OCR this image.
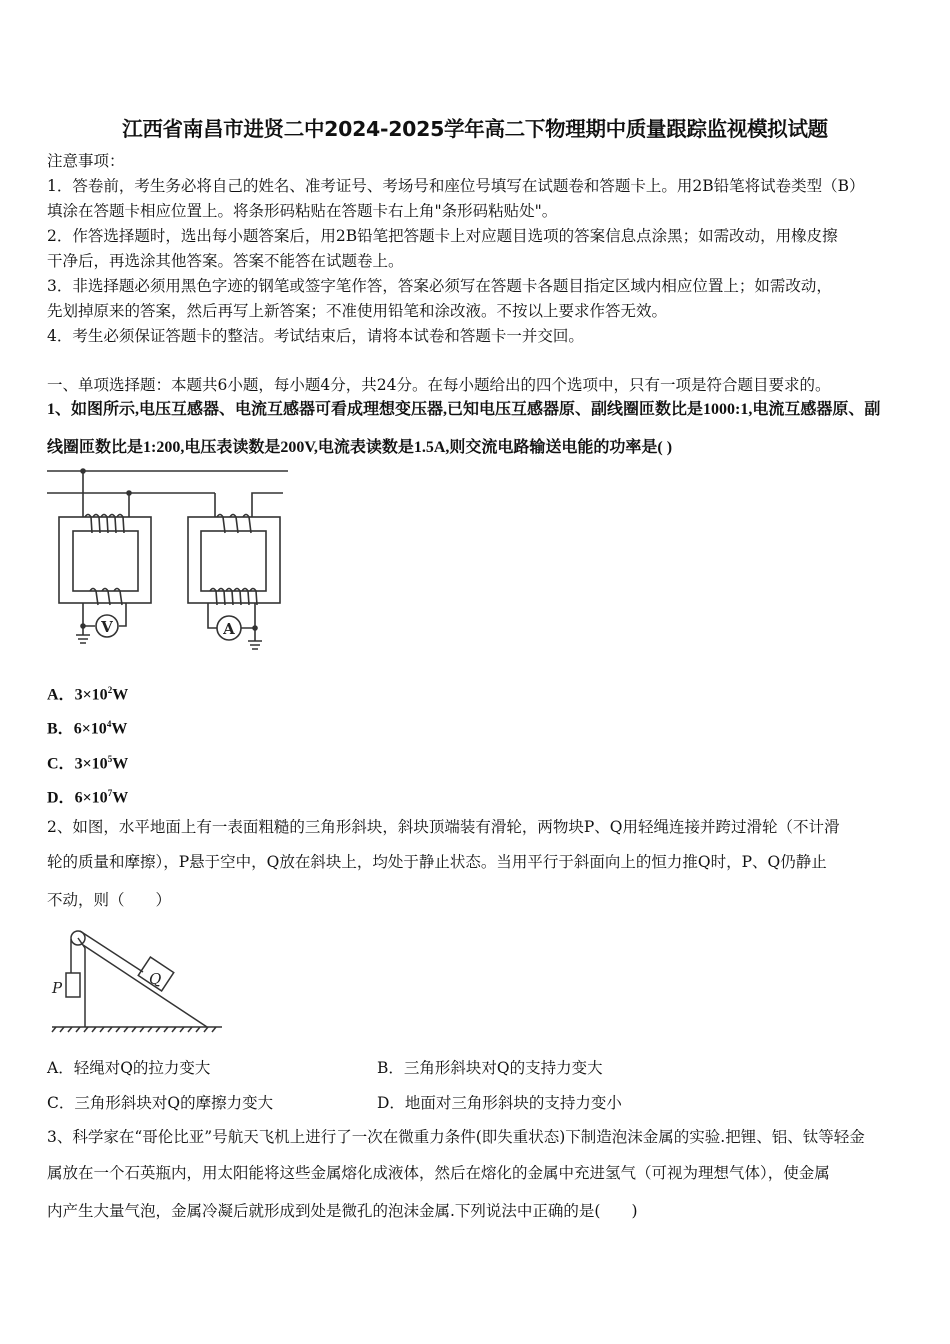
江西省南昌市进贤二中2024-2025学年高二下物理期中质量跟踪监视模拟试题
注意事项：
1．答卷前，考生务必将自己的姓名、准考证号、考场号和座位号填写在试题卷和答题卡上。用2B铅笔将试卷类型（B）
填涂在答题卡相应位置上。将条形码粘贴在答题卡右上角"条形码粘贴处"。
2．作答选择题时，选出每小题答案后，用2B铅笔把答题卡上对应题目选项的答案信息点涂黑；如需改动，用橡皮擦
干净后，再选涂其他答案。答案不能答在试题卷上。
3．非选择题必须用黑色字迹的钢笔或签字笔作答，答案必须写在答题卡各题目指定区域内相应位置上；如需改动，
先划掉原来的答案，然后再写上新答案；不准使用铅笔和涂改液。不按以上要求作答无效。
4．考生必须保证答题卡的整洁。考试结束后，请将本试卷和答题卡一并交回。
一、单项选择题：本题共6小题，每小题4分，共24分。在每小题给出的四个选项中，只有一项是符合题目要求的。
1、如图所示,电压互感器、电流互感器可看成理想变压器,已知电压互感器原、副线圈匝数比是1000:1,电流互感器原、副
线圈匝数比是1:200,电压表读数是200V,电流表读数是1.5A,则交流电路输送电能的功率是( )
V	A
A．$3\times 10^2W$
B．$6\times 10^4W$
C．$3\times 10^5W$
D．$6\times 10^7W$
2、如图，水平地面上有一表面粗糙的三角形斜块，斜块顶端装有滑轮，两物块P、Q用轻绳连接并跨过滑轮（不计滑
轮的质量和摩擦），P悬于空中，Q放在斜块上，均处于静止状态。当用平行于斜面向上的恒力推Q时，P、Q仍静止
不动，则（　　）
P	Q
A．轻绳对Q的拉力变大	B．三角形斜块对Q的支持力变大
C．三角形斜块对Q的摩擦力变大	D．地面对三角形斜块的支持力变小
3、科学家在“哥伦比亚”号航天飞机上进行了一次在微重力条件(即失重状态)下制造泡沫金属的实验.把锂、铝、钛等轻金
属放在一个石英瓶内，用太阳能将这些金属熔化成液体，然后在熔化的金属中充进氢气（可视为理想气体），使金属
内产生大量气泡，金属冷凝后就形成到处是微孔的泡沫金属.下列说法中正确的是(　　)
